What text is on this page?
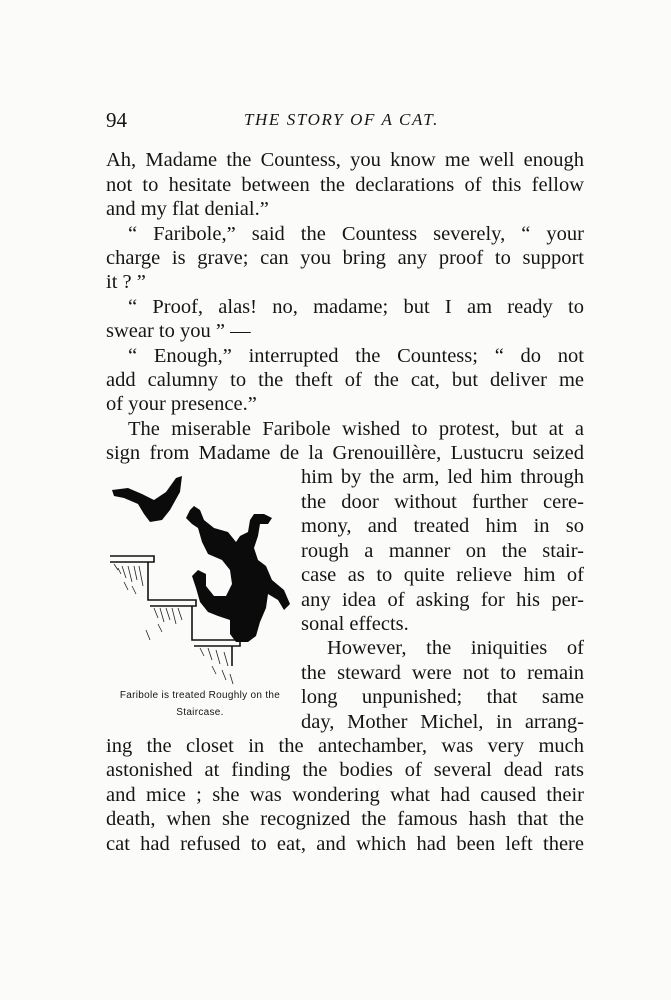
94	THE STORY OF A CAT.
Ah, Madame the Countess, you know me well enough
not to hesitate between the declarations of this fellow
and my flat denial.”
“ Faribole,” said the Countess severely, “ your
charge is grave; can you bring any proof to support
it ? ”
“ Proof, alas! no, madame; but I am ready to
swear to you ” —
“ Enough,” interrupted the Countess; “ do not
add calumny to the theft of the cat, but deliver me
of your presence.”
The miserable Faribole wished to protest, but at a
sign from Madame de la Grenouillère, Lustucru seized
him by the arm, led him through
the door without further cere-
mony, and treated him in so
rough a manner on the stair-
case as to quite relieve him of
any idea of asking for his per-
sonal effects.
However, the iniquities of
the steward were not to remain
long unpunished; that same
day, Mother Michel, in arrang-
ing the closet in the antechamber, was very much
astonished at finding the bodies of several dead rats
and mice ; she was wondering what had caused their
death, when she recognized the famous hash that the
cat had refused to eat, and which had been left there
Faribole is treated Roughly on the
Staircase.
